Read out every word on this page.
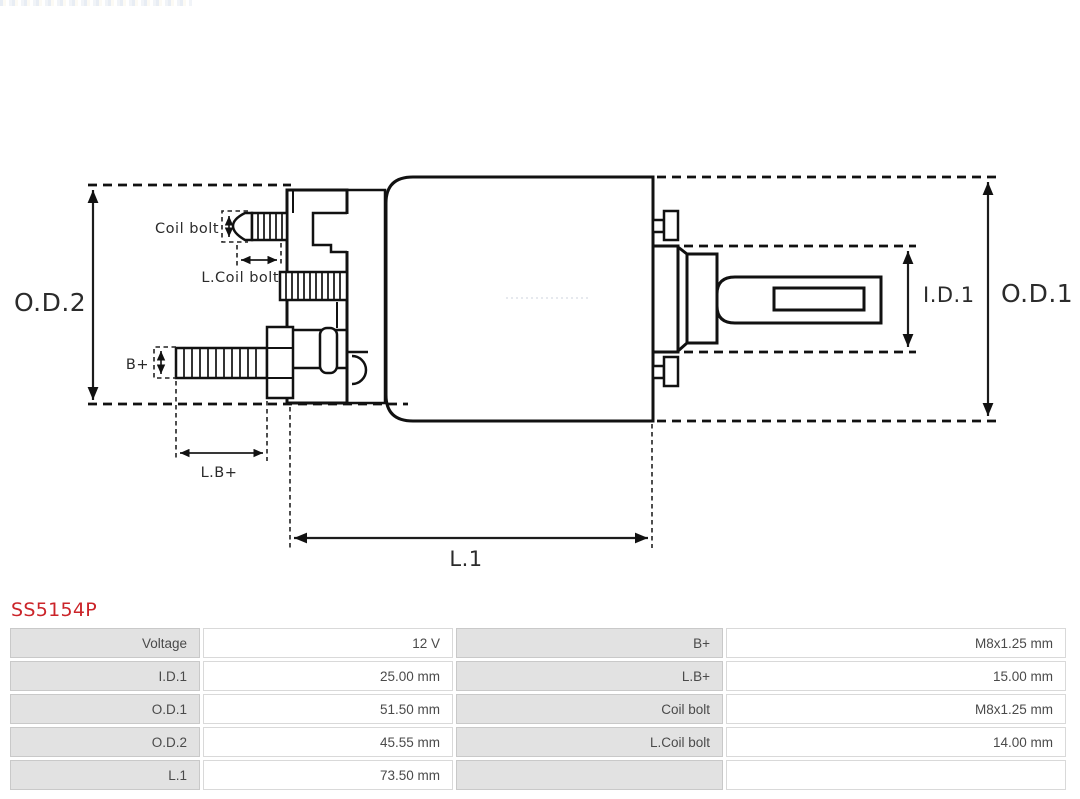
O.D.2	O.D.1
I.D.1
L.1
L.B+
B+
Coil bolt
L.Coil bolt
SS5154P
Voltage	12 V	B+	M8x1.25 mm
I.D.1	25.00 mm	L.B+	15.00 mm
O.D.1	51.50 mm	Coil bolt	M8x1.25 mm
O.D.2	45.55 mm	L.Coil bolt	14.00 mm
L.1	73.50 mm
